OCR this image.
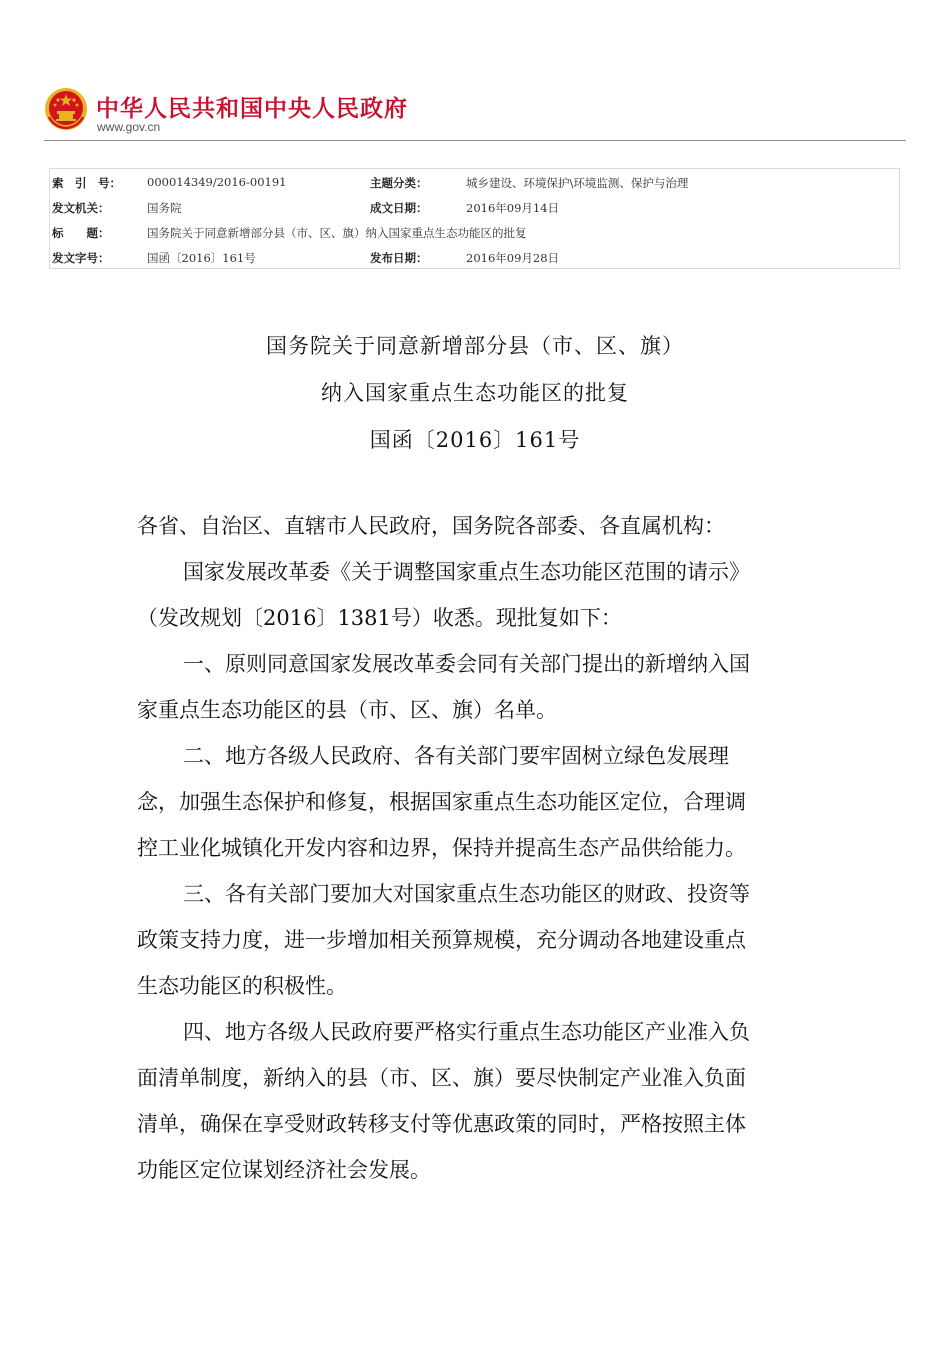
中华人民共和国中央人民政府
www.gov.cn
索　引　号： 000014349/2016-00191	主题分类：	城乡建设、环境保护\环境监测、保护与治理
发文机关：	国务院	成文日期：	2016年09月14日
标　　题：	国务院关于同意新增部分县（市、区、旗）纳入国家重点生态功能区的批复
发文字号：	国函〔2016〕161号	发布日期：	2016年09月28日
国务院关于同意新增部分县（市、区、旗）
纳入国家重点生态功能区的批复
国函〔2016〕161号
各省、自治区、直辖市人民政府，国务院各部委、各直属机构：
国家发展改革委《关于调整国家重点生态功能区范围的请示》
（发改规划〔2016〕1381号）收悉。现批复如下：
一、原则同意国家发展改革委会同有关部门提出的新增纳入国
家重点生态功能区的县（市、区、旗）名单。
二、地方各级人民政府、各有关部门要牢固树立绿色发展理
念，加强生态保护和修复，根据国家重点生态功能区定位，合理调
控工业化城镇化开发内容和边界，保持并提高生态产品供给能力。
三、各有关部门要加大对国家重点生态功能区的财政、投资等
政策支持力度，进一步增加相关预算规模，充分调动各地建设重点
生态功能区的积极性。
四、地方各级人民政府要严格实行重点生态功能区产业准入负
面清单制度，新纳入的县（市、区、旗）要尽快制定产业准入负面
清单，确保在享受财政转移支付等优惠政策的同时，严格按照主体
功能区定位谋划经济社会发展。
